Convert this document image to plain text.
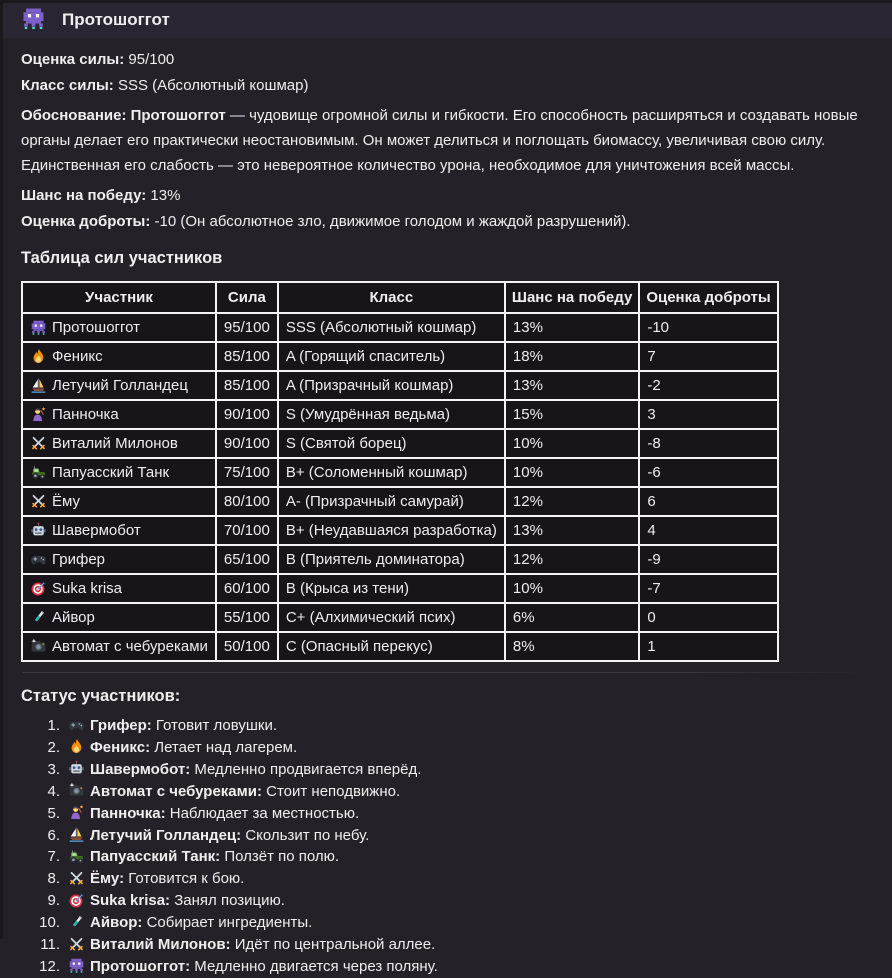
Протошоггот

Оценка силы: 95/100

Класс силы: SSS (Абсолютный кошмар)

Обоснование: Протошоггот — чудовище огромной силы и гибкости. Его способность расширяться и создавать новые органы делает его практически неостановимым. Он может делиться и поглощать биомассу, увеличивая свою силу. Единственная его слабость — это невероятное количество урона, необходимое для уничтожения всей массы.

Шанс на победу: 13%

Оценка доброты: -10 (Он абсолютное зло, движимое голодом и жаждой разрушений).

Таблица сил участников
Участник	Сила	Класс	Шанс на победу	Оценка доброты
Протошоггот	95/100	SSS (Абсолютный кошмар)	13%	-10
Феникс	85/100	A (Горящий спаситель)	18%	7
Летучий Голландец	85/100	A (Призрачный кошмар)	13%	-2
Панночка	90/100	S (Умудрённая ведьма)	15%	3
Виталий Милонов	90/100	S (Святой борец)	10%	-8
Папуасский Танк	75/100	B+ (Соломенный кошмар)	10%	-6
Ёму	80/100	A- (Призрачный самурай)	12%	6
Шавермобот	70/100	B+ (Неудавшаяся разработка)	13%	4
Грифер	65/100	B (Приятель доминатора)	12%	-9
Suka krisa	60/100	B (Крыса из тени)	10%	-7
Айвор	55/100	C+ (Алхимический псих)	6%	0
Автомат с чебуреками	50/100	C (Опасный перекус)	8%	1
Статус участников:
1. Грифер: Готовит ловушки.
2. Феникс: Летает над лагерем.
3. Шавермобот: Медленно продвигается вперёд.
4. Автомат с чебуреками: Стоит неподвижно.
5. Панночка: Наблюдает за местностью.
6. Летучий Голландец: Скользит по небу.
7. Папуасский Танк: Ползёт по полю.
8. Ёму: Готовится к бою.
9. Suka krisa: Занял позицию.
10. Айвор: Собирает ингредиенты.
11. Виталий Милонов: Идёт по центральной аллее.
12. Протошоггот: Медленно двигается через поляну.
